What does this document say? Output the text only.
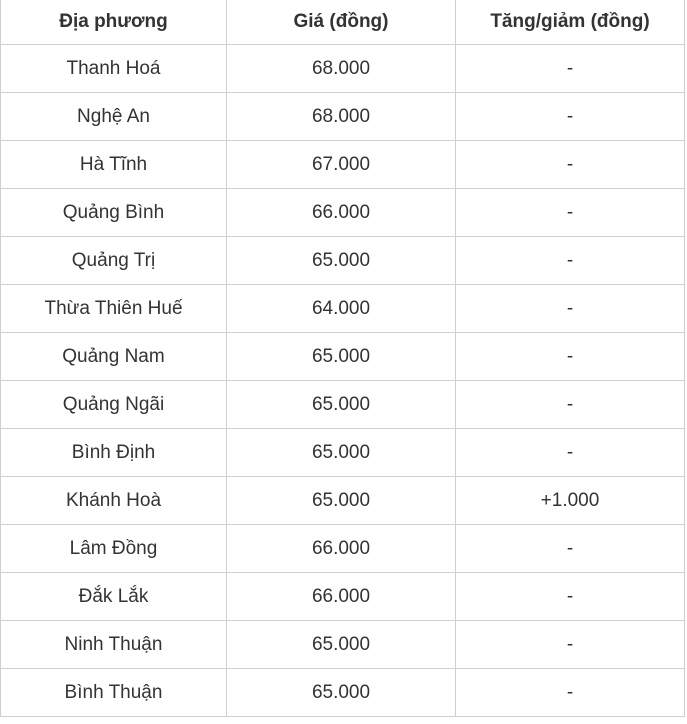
Địa phương	Giá (đồng)	Tăng/giảm (đồng)
Thanh Hoá	68.000	-
Nghệ An	68.000	-
Hà Tĩnh	67.000	-
Quảng Bình	66.000	-
Quảng Trị	65.000	-
Thừa Thiên Huế	64.000	-
Quảng Nam	65.000	-
Quảng Ngãi	65.000	-
Bình Định	65.000	-
Khánh Hoà	65.000	+1.000
Lâm Đồng	66.000	-
Đắk Lắk	66.000	-
Ninh Thuận	65.000	-
Bình Thuận	65.000	-
